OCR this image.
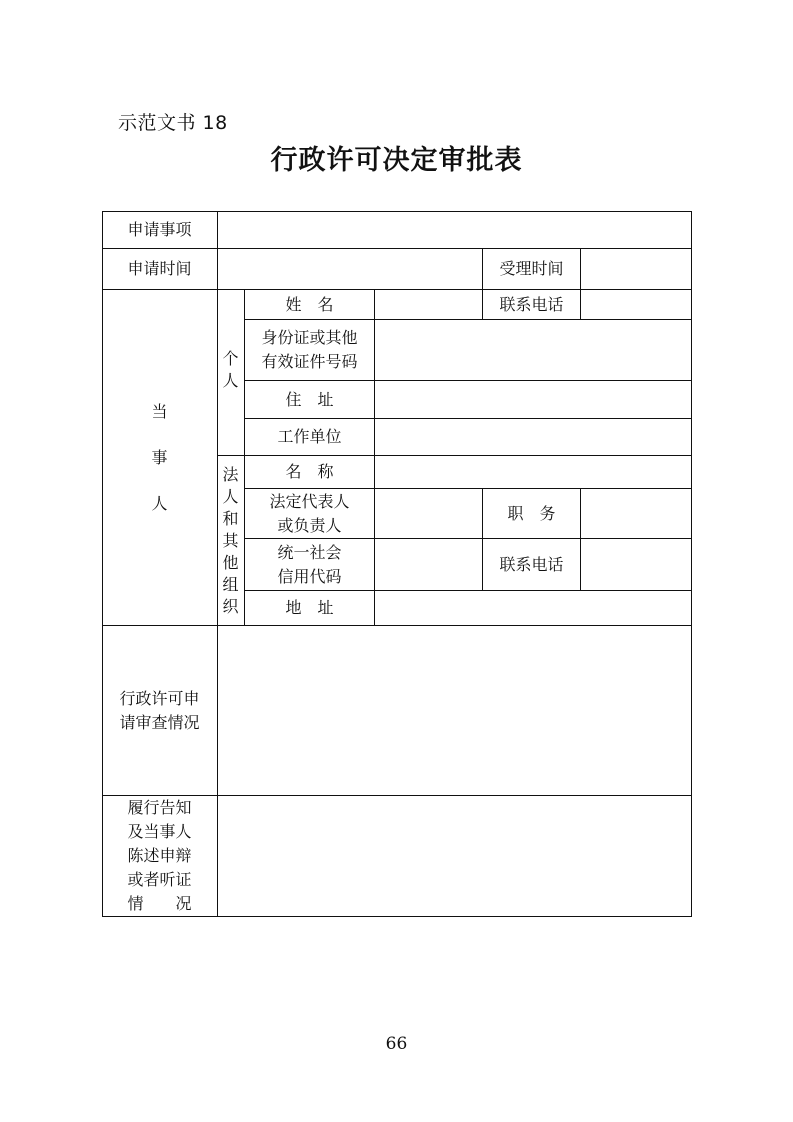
示范文书 18
行政许可决定审批表
申请事项
申请时间	受理时间
当

事

人
个
人
姓　名	联系电话
身份证或其他
有效证件号码
住　址
工作单位
法
人
和
其
他
组
织
名　称
法定代表人
或负责人
职　务
统一社会
信用代码
联系电话
地　址
行政许可申
请审查情况
履行告知
及当事人
陈述申辩
或者听证
情　　况
66
